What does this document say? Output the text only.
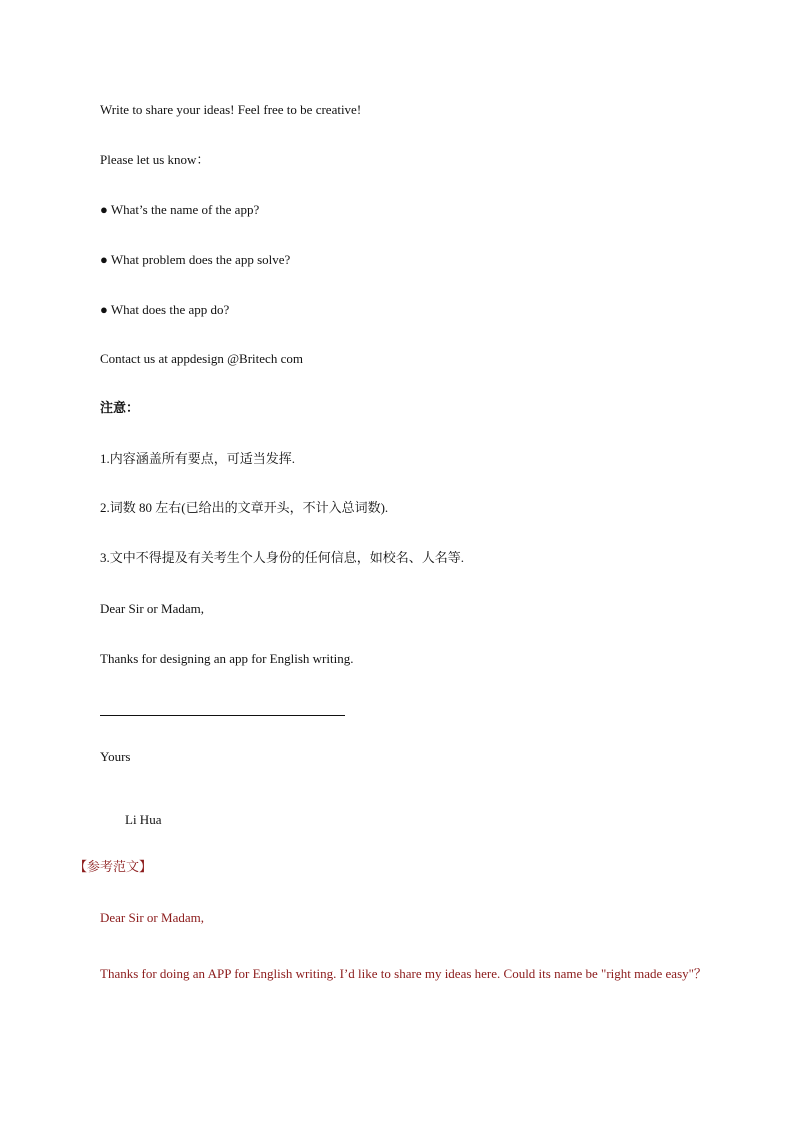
Write to share your ideas! Feel free to be creative!
Please let us know：
● What’s the name of the app?
● What problem does the app solve?
● What does the app do?
Contact us at appdesign @Britech com
注意：
1.内容涵盖所有要点，可适当发挥.
2.词数 80 左右(已给出的文章开头，不计入总词数).
3.文中不得提及有关考生个人身份的任何信息，如校名、人名等.
Dear Sir or Madam,
Thanks for designing an app for English writing.
Yours
Li Hua
【参考范文】
Dear Sir or Madam,
Thanks for doing an APP for English writing. I’d like to share my ideas here. Could its name be "right made easy"？
